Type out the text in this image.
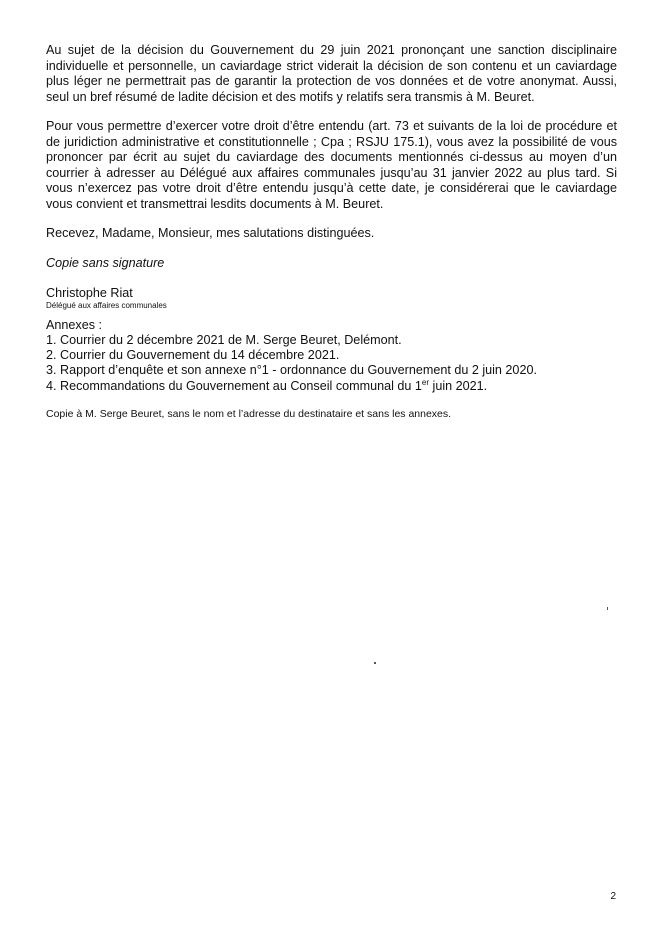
Au sujet de la décision du Gouvernement du 29 juin 2021 prononçant une sanction disciplinaire individuelle et personnelle, un caviardage strict viderait la décision de son contenu et un caviardage plus léger ne permettrait pas de garantir la protection de vos données et de votre anonymat. Aussi, seul un bref résumé de ladite décision et des motifs y relatifs sera transmis à M. Beuret.

Pour vous permettre d’exercer votre droit d’être entendu (art. 73 et suivants de la loi de procédure et de juridiction administrative et constitutionnelle ; Cpa ; RSJU 175.1), vous avez la possibilité de vous prononcer par écrit au sujet du caviardage des documents mentionnés ci-dessus au moyen d’un courrier à adresser au Délégué aux affaires communales jusqu’au 31 janvier 2022 au plus tard. Si vous n’exercez pas votre droit d’être entendu jusqu’à cette date, je considérerai que le caviardage vous convient et transmettrai lesdits documents à M. Beuret.

Recevez, Madame, Monsieur, mes salutations distinguées.

Copie sans signature

Christophe Riat

Délégué aux affaires communales

Annexes :

1. Courrier du 2 décembre 2021 de M. Serge Beuret, Delémont.
2. Courrier du Gouvernement du 14 décembre 2021.
3. Rapport d’enquête et son annexe n°1 - ordonnance du Gouvernement du 2 juin 2020.
4. Recommandations du Gouvernement au Conseil communal du 1er juin 2021.

Copie à M. Serge Beuret, sans le nom et l’adresse du destinataire et sans les annexes.

2
